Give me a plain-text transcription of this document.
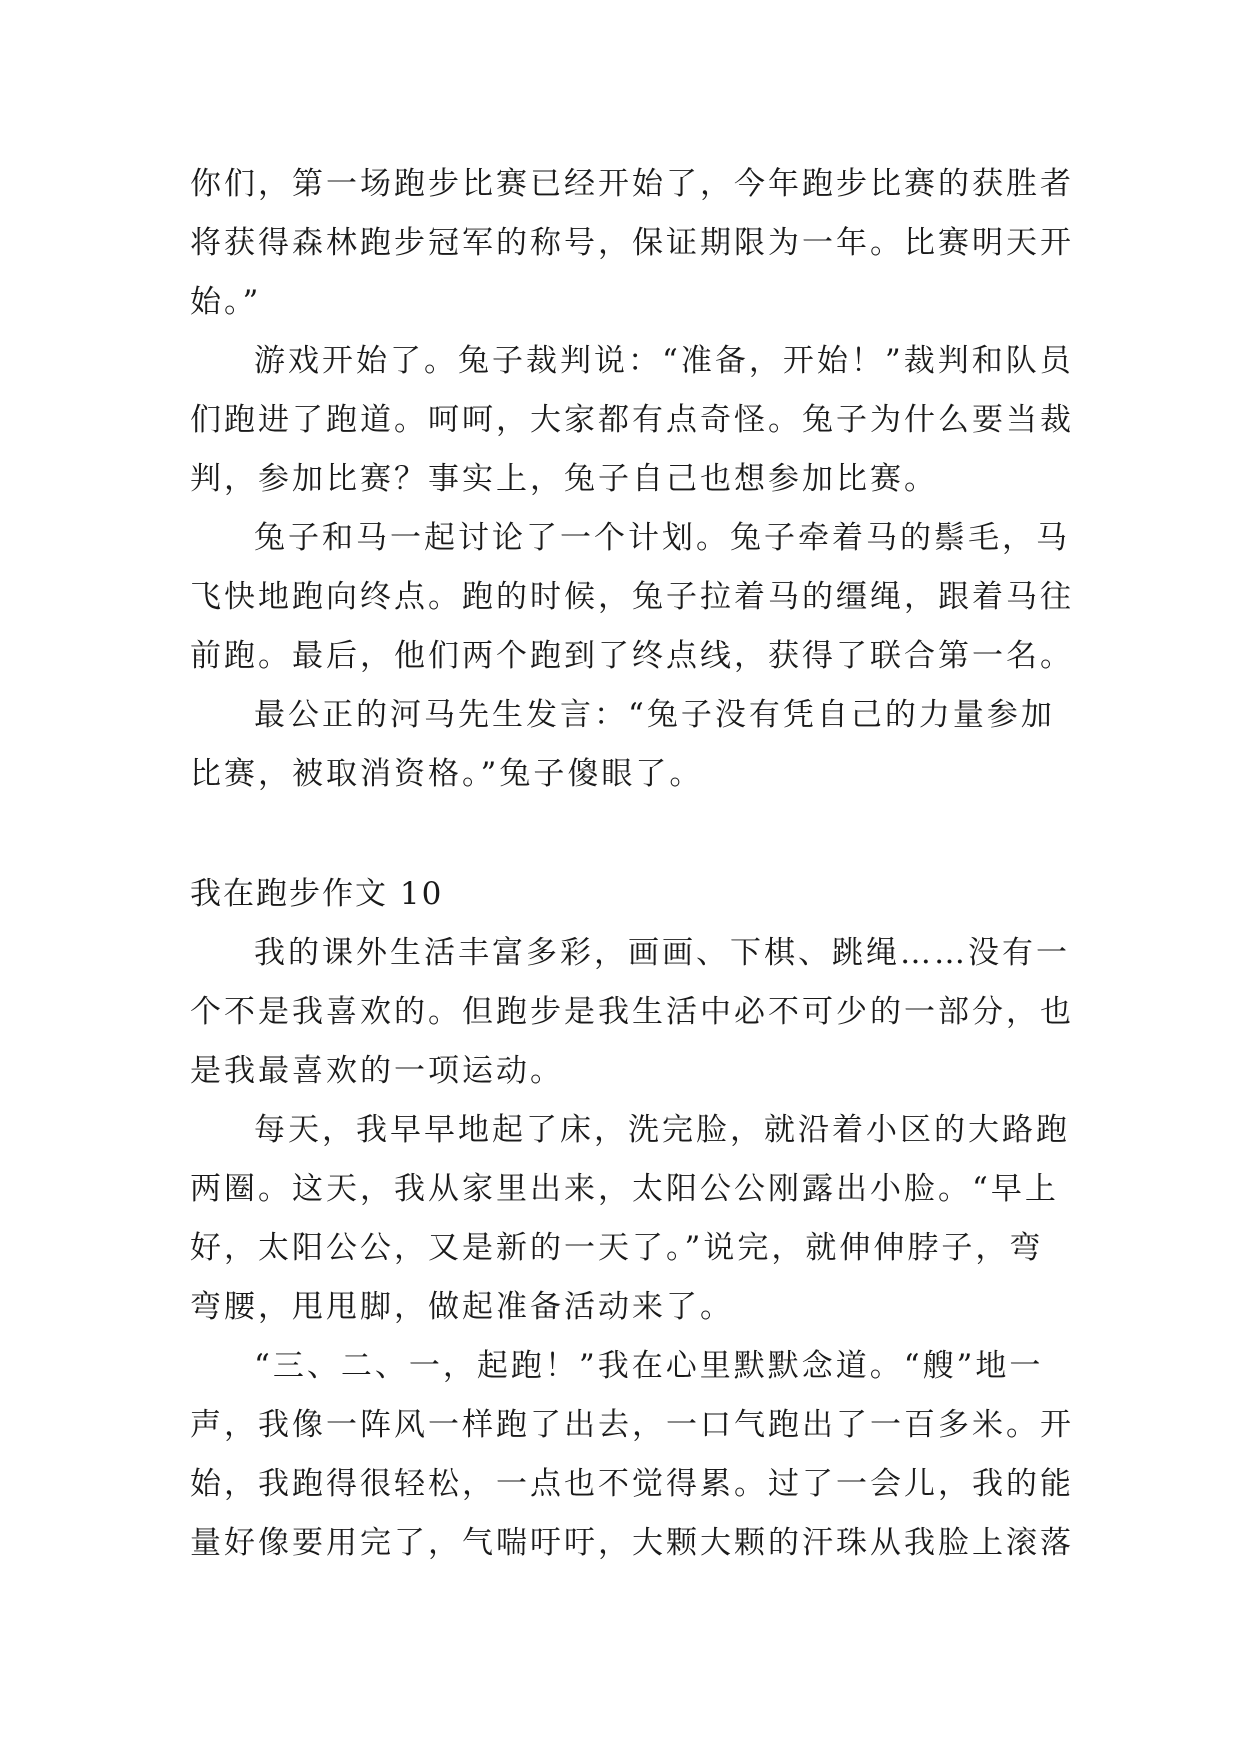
你们，第一场跑步比赛已经开始了，今年跑步比赛的获胜者
将获得森林跑步冠军的称号，保证期限为一年。比赛明天开
始。”
游戏开始了。兔子裁判说：“准备，开始！”裁判和队员
们跑进了跑道。呵呵，大家都有点奇怪。兔子为什么要当裁
判，参加比赛？事实上，兔子自己也想参加比赛。
兔子和马一起讨论了一个计划。兔子牵着马的鬃毛，马
飞快地跑向终点。跑的时候，兔子拉着马的缰绳，跟着马往
前跑。最后，他们两个跑到了终点线，获得了联合第一名。
最公正的河马先生发言：“兔子没有凭自己的力量参加
比赛，被取消资格。”兔子傻眼了。
我在跑步作文 10
我的课外生活丰富多彩，画画、下棋、跳绳……没有一
个不是我喜欢的。但跑步是我生活中必不可少的一部分，也
是我最喜欢的一项运动。
每天，我早早地起了床，洗完脸，就沿着小区的大路跑
两圈。这天，我从家里出来，太阳公公刚露出小脸。“早上
好，太阳公公，又是新的一天了。”说完，就伸伸脖子，弯
弯腰，甩甩脚，做起准备活动来了。
“三、二、一，起跑！”我在心里默默念道。“艘”地一
声，我像一阵风一样跑了出去，一口气跑出了一百多米。开
始，我跑得很轻松，一点也不觉得累。过了一会儿，我的能
量好像要用完了，气喘吁吁，大颗大颗的汗珠从我脸上滚落
